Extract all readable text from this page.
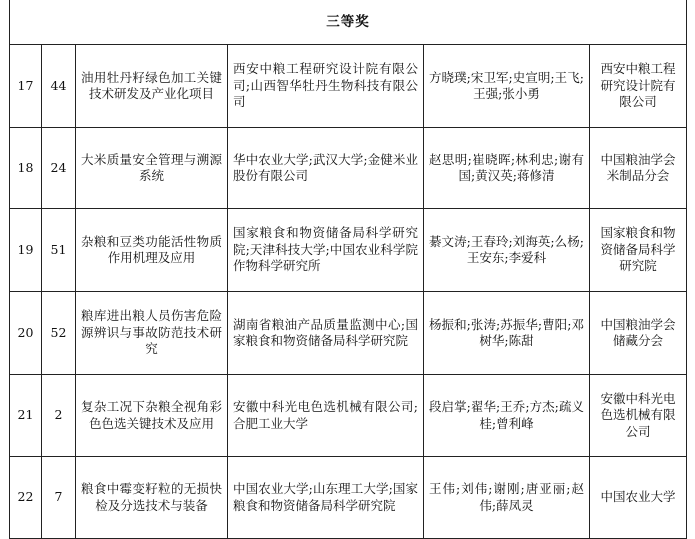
三等奖					
17	44	油用牡丹籽绿色加工关键技术研发及产业化项目	西安中粮工程研究设计院有限公司;山西智华牡丹生物科技有限公司	方晓璞;宋卫军;史宣明;王飞;王强;张小勇	西安中粮工程研究设计院有限公司
18	24	大米质量安全管理与溯源系统	华中农业大学;武汉大学;金健米业股份有限公司	赵思明;崔晓晖;林利忠;谢有国;黄汉英;蒋修清	中国粮油学会米制品分会
19	51	杂粮和豆类功能活性物质作用机理及应用	国家粮食和物资储备局科学研究院;天津科技大学;中国农业科学院作物科学研究所	綦文涛;王春玲;刘海英;么杨;王安东;李爱科	国家粮食和物资储备局科学研究院
20	52	粮库进出粮人员伤害危险源辨识与事故防范技术研究	湖南省粮油产品质量监测中心;国家粮食和物资储备局科学研究院	杨振和;张涛;苏振华;曹阳;邓树华;陈甜	中国粮油学会储藏分会
21	2	复杂工况下杂粮全视角彩色色选关键技术及应用	安徽中科光电色选机械有限公司;合肥工业大学	段启掌;翟华;王乔;方杰;疏义桂;曾利峰	安徽中科光电色选机械有限公司
22	7	粮食中霉变籽粒的无损快检及分选技术与装备	中国农业大学;山东理工大学;国家粮食和物资储备局科学研究院	王伟;刘伟;谢刚;唐亚丽;赵伟;薛凤灵	中国农业大学
